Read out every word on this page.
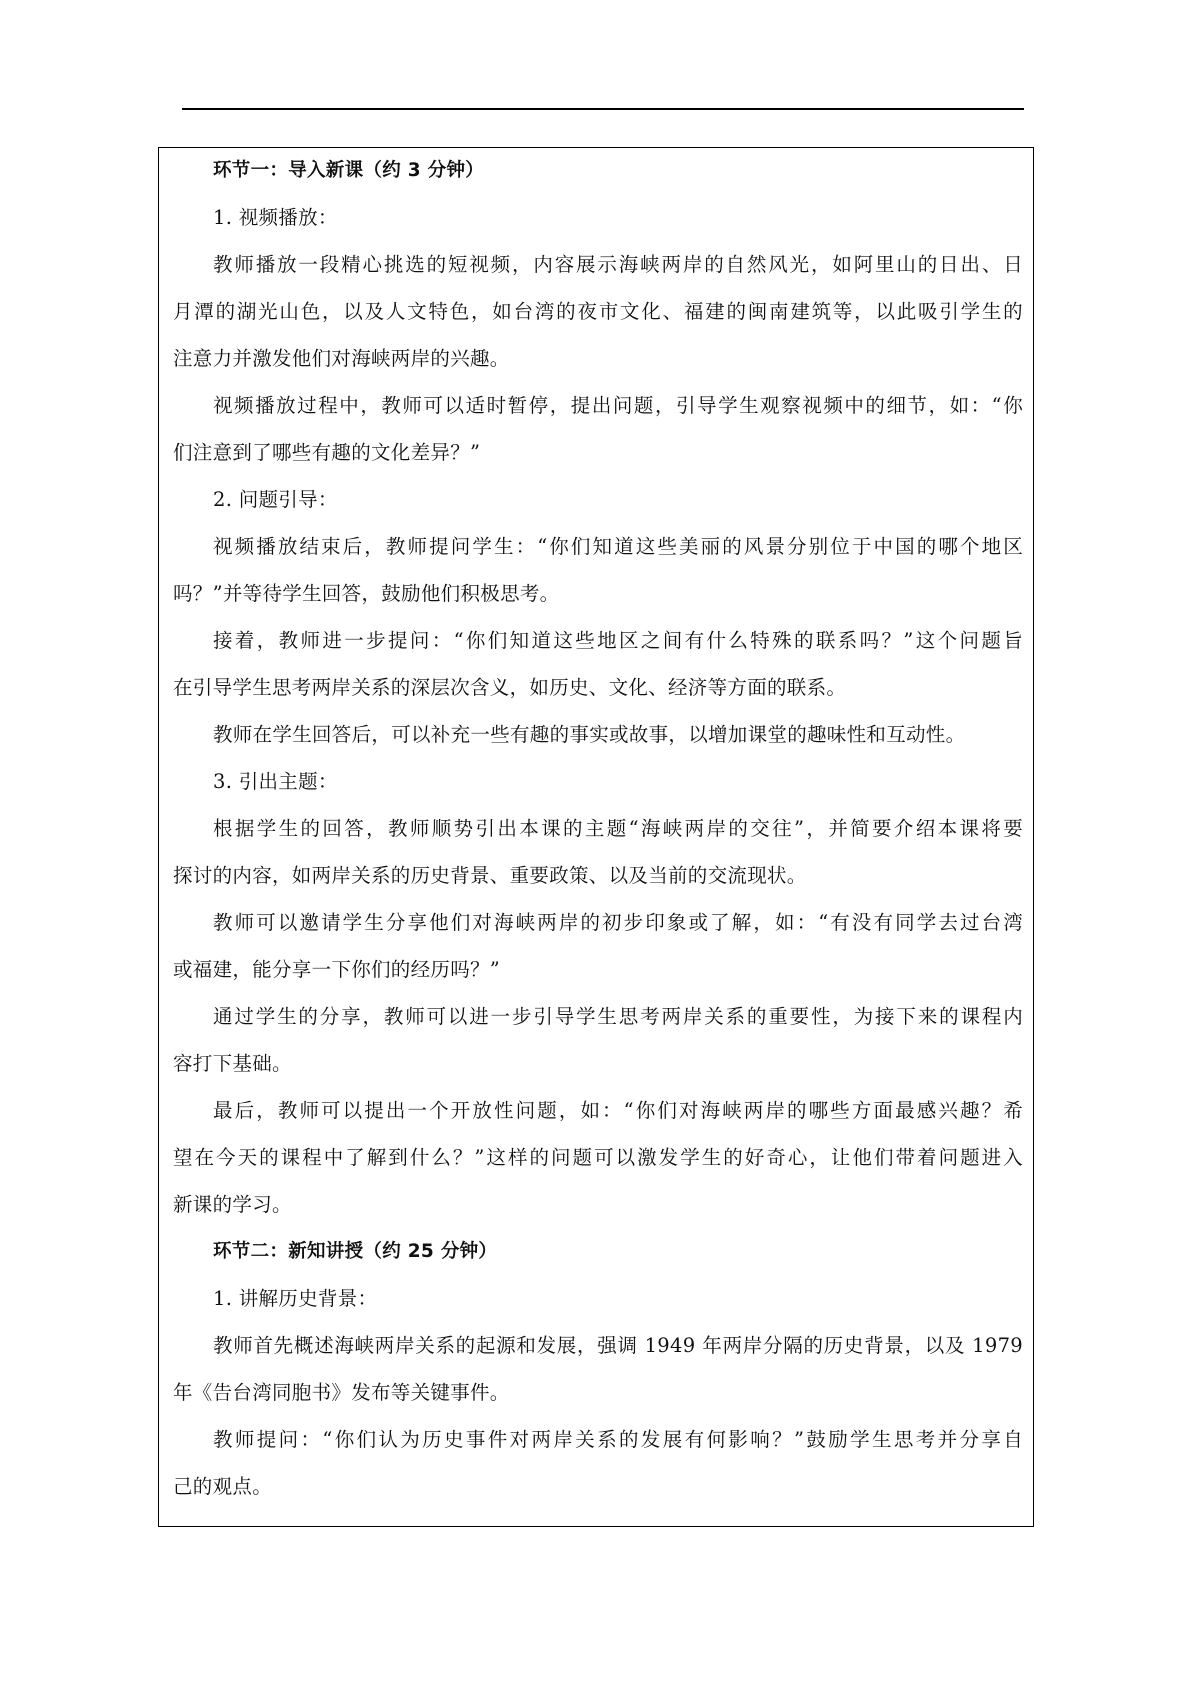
环节一：导入新课（约 3 分钟）
1. 视频播放：
教师播放一段精心挑选的短视频，内容展示海峡两岸的自然风光，如阿里山的日出、日
月潭的湖光山色，以及人文特色，如台湾的夜市文化、福建的闽南建筑等，以此吸引学生的
注意力并激发他们对海峡两岸的兴趣。
视频播放过程中，教师可以适时暂停，提出问题，引导学生观察视频中的细节，如：“你
们注意到了哪些有趣的文化差异？”
2. 问题引导：
视频播放结束后，教师提问学生：“你们知道这些美丽的风景分别位于中国的哪个地区
吗？”并等待学生回答，鼓励他们积极思考。
接着，教师进一步提问：“你们知道这些地区之间有什么特殊的联系吗？”这个问题旨
在引导学生思考两岸关系的深层次含义，如历史、文化、经济等方面的联系。
教师在学生回答后，可以补充一些有趣的事实或故事，以增加课堂的趣味性和互动性。
3. 引出主题：
根据学生的回答，教师顺势引出本课的主题“海峡两岸的交往”，并简要介绍本课将要
探讨的内容，如两岸关系的历史背景、重要政策、以及当前的交流现状。
教师可以邀请学生分享他们对海峡两岸的初步印象或了解，如：“有没有同学去过台湾
或福建，能分享一下你们的经历吗？”
通过学生的分享，教师可以进一步引导学生思考两岸关系的重要性，为接下来的课程内
容打下基础。
最后，教师可以提出一个开放性问题，如：“你们对海峡两岸的哪些方面最感兴趣？希
望在今天的课程中了解到什么？”这样的问题可以激发学生的好奇心，让他们带着问题进入
新课的学习。
环节二：新知讲授（约 25 分钟）
1. 讲解历史背景：
教师首先概述海峡两岸关系的起源和发展，强调 1949 年两岸分隔的历史背景，以及 1979
年《告台湾同胞书》发布等关键事件。
教师提问：“你们认为历史事件对两岸关系的发展有何影响？”鼓励学生思考并分享自
己的观点。
